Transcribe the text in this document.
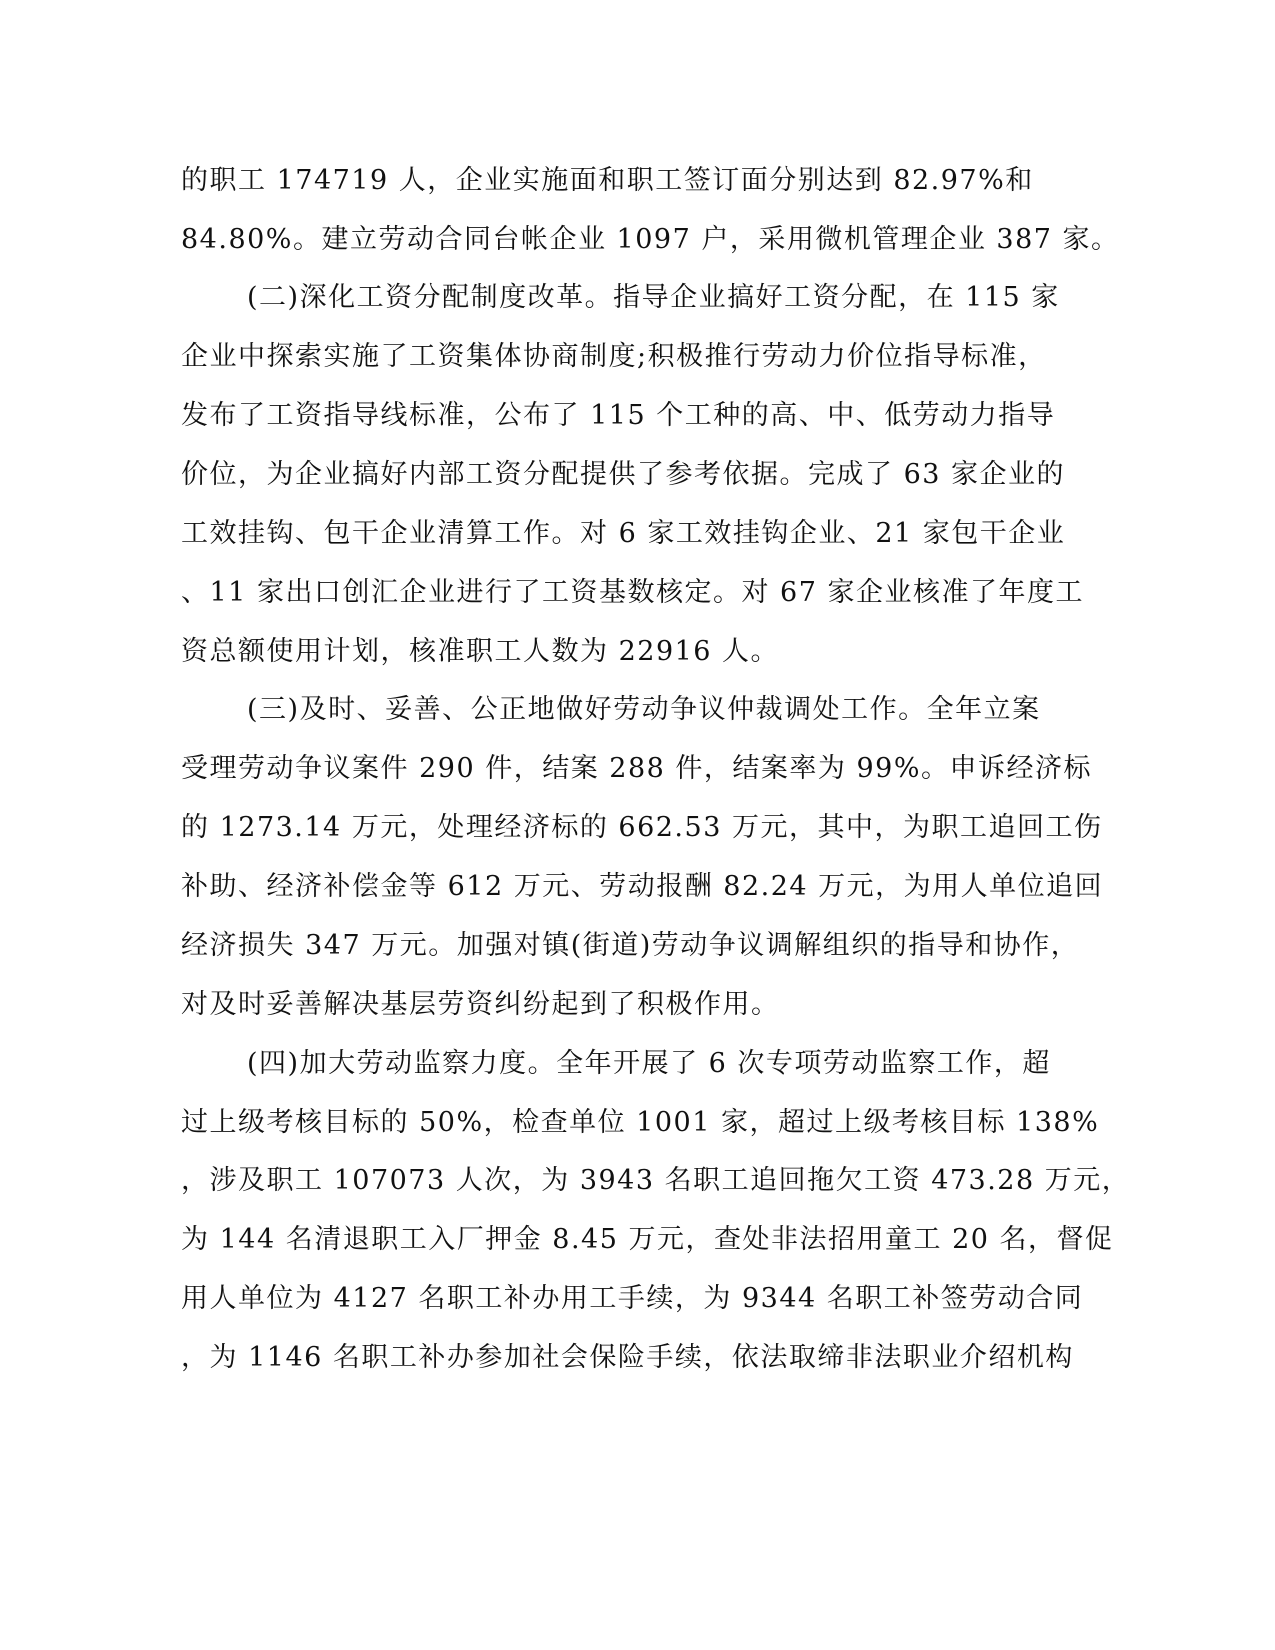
的职工 174719 人，企业实施面和职工签订面分别达到 82.97%和
84.80%。建立劳动合同台帐企业 1097 户，采用微机管理企业 387 家。
(二)深化工资分配制度改革。指导企业搞好工资分配，在 115 家
企业中探索实施了工资集体协商制度;积极推行劳动力价位指导标准，
发布了工资指导线标准，公布了 115 个工种的高、中、低劳动力指导
价位，为企业搞好内部工资分配提供了参考依据。完成了 63 家企业的
工效挂钩、包干企业清算工作。对 6 家工效挂钩企业、21 家包干企业
、11 家出口创汇企业进行了工资基数核定。对 67 家企业核准了年度工
资总额使用计划，核准职工人数为 22916 人。
(三)及时、妥善、公正地做好劳动争议仲裁调处工作。全年立案
受理劳动争议案件 290 件，结案 288 件，结案率为 99%。申诉经济标
的 1273.14 万元，处理经济标的 662.53 万元，其中，为职工追回工伤
补助、经济补偿金等 612 万元、劳动报酬 82.24 万元，为用人单位追回
经济损失 347 万元。加强对镇(街道)劳动争议调解组织的指导和协作，
对及时妥善解决基层劳资纠纷起到了积极作用。
(四)加大劳动监察力度。全年开展了 6 次专项劳动监察工作，超
过上级考核目标的 50%，检查单位 1001 家，超过上级考核目标 138%
，涉及职工 107073 人次，为 3943 名职工追回拖欠工资 473.28 万元，
为 144 名清退职工入厂押金 8.45 万元，查处非法招用童工 20 名，督促
用人单位为 4127 名职工补办用工手续，为 9344 名职工补签劳动合同
，为 1146 名职工补办参加社会保险手续，依法取缔非法职业介绍机构
